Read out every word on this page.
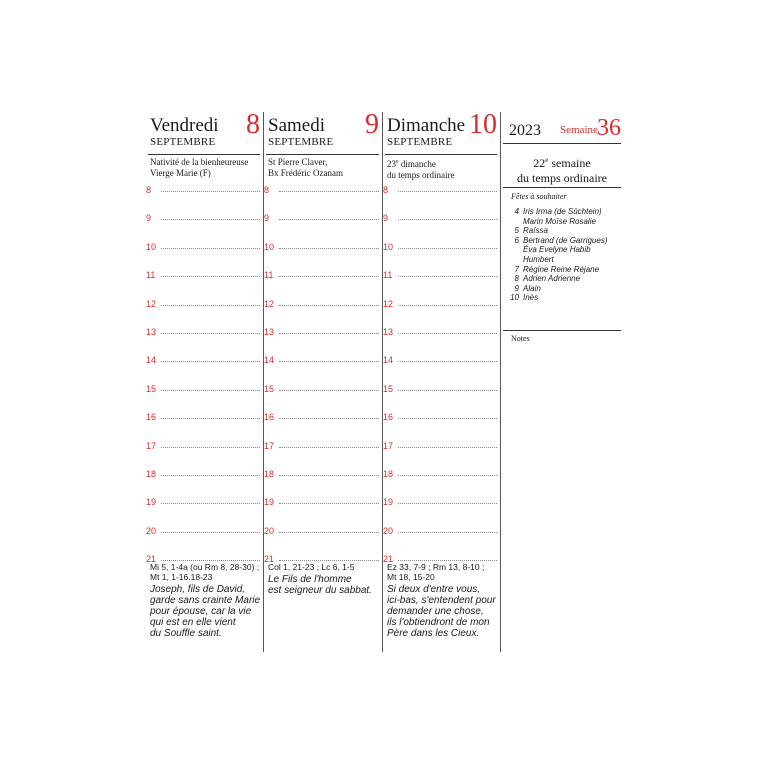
Vendredi 8
SEPTEMBRE
Nativité de la bienheureuse
Vierge Marie (F)
8
9
10
11
12
13
14
15
16
17
18
19
20
21
Mi 5, 1-4a (ou Rm 8, 28-30) ;
Mt 1, 1-16.18-23
Joseph, fils de David,
garde sans crainte Marie
pour épouse, car la vie
qui est en elle vient
du Souffle saint.
Samedi 9
SEPTEMBRE
St Pierre Claver,
Bx Frédéric Ozanam
8
9
10
11
12
13
14
15
16
17
18
19
20
21
Col 1, 21-23 ; Lc 6, 1-5
Le Fils de l'homme
est seigneur du sabbat.
Dimanche 10
SEPTEMBRE
23e dimanche
du temps ordinaire
8
9
10
11
12
13
14
15
16
17
18
19
20
21
Ez 33, 7-9 ; Rm 13, 8-10 ;
Mt 18, 15-20
Si deux d'entre vous,
ici-bas, s'entendent pour
demander une chose,
ils l'obtiendront de mon
Père dans les Cieux.
2023 Semaine 36
22e semaine
du temps ordinaire
Fêtes à souhaiter
4 Iris Irma (de Süchtein)
Marin Moïse Rosalie
5 Raïssa
6 Bertrand (de Garrigues)
Éva Evelyne Habib
Humbert
7 Régine Reine Réjane
8 Adrien Adrienne
9 Alain
10 Inès
Notes
